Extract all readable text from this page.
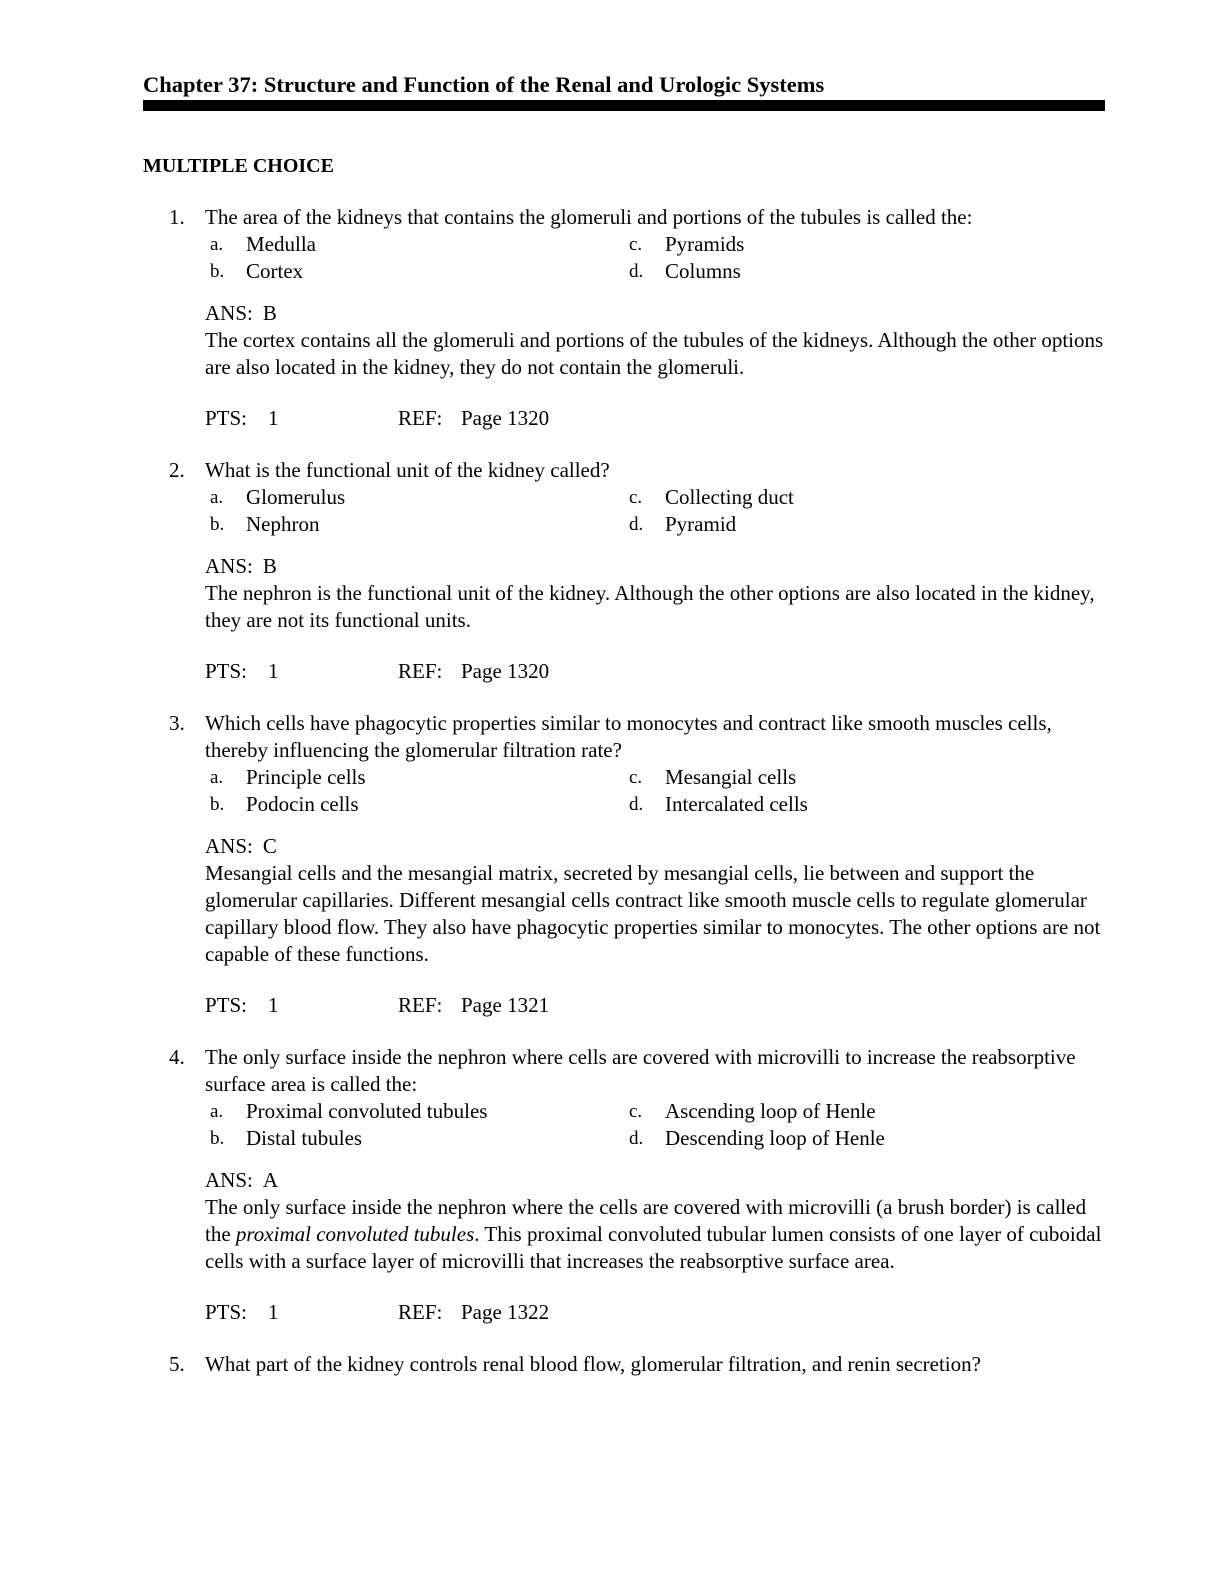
Chapter 37: Structure and Function of the Renal and Urologic Systems
MULTIPLE CHOICE
1. The area of the kidneys that contains the glomeruli and portions of the tubules is called the:
a. Medulla	c. Pyramids
b. Cortex	d. Columns
ANS: B
The cortex contains all the glomeruli and portions of the tubules of the kidneys. Although the other options are also located in the kidney, they do not contain the glomeruli.
PTS: 1	REF: Page 1320
2. What is the functional unit of the kidney called?
a. Glomerulus	c. Collecting duct
b. Nephron	d. Pyramid
ANS: B
The nephron is the functional unit of the kidney. Although the other options are also located in the kidney, they are not its functional units.
PTS: 1	REF: Page 1320
3. Which cells have phagocytic properties similar to monocytes and contract like smooth muscles cells, thereby influencing the glomerular filtration rate?
a. Principle cells	c. Mesangial cells
b. Podocin cells	d. Intercalated cells
ANS: C
Mesangial cells and the mesangial matrix, secreted by mesangial cells, lie between and support the glomerular capillaries. Different mesangial cells contract like smooth muscle cells to regulate glomerular capillary blood flow. They also have phagocytic properties similar to monocytes. The other options are not capable of these functions.
PTS: 1	REF: Page 1321
4. The only surface inside the nephron where cells are covered with microvilli to increase the reabsorptive surface area is called the:
a. Proximal convoluted tubules	c. Ascending loop of Henle
b. Distal tubules	d. Descending loop of Henle
ANS: A
The only surface inside the nephron where the cells are covered with microvilli (a brush border) is called the proximal convoluted tubules. This proximal convoluted tubular lumen consists of one layer of cuboidal cells with a surface layer of microvilli that increases the reabsorptive surface area.
PTS: 1	REF: Page 1322
5. What part of the kidney controls renal blood flow, glomerular filtration, and renin secretion?
